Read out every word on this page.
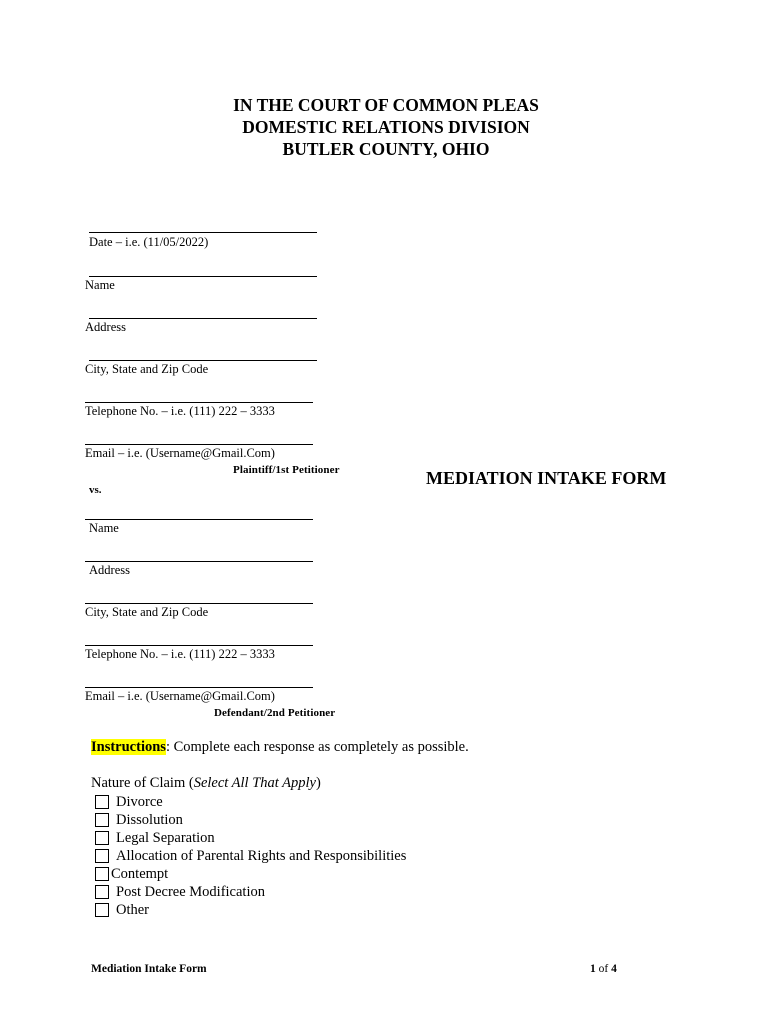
IN THE COURT OF COMMON PLEAS
DOMESTIC RELATIONS DIVISION
BUTLER COUNTY, OHIO
Date – i.e. (11/05/2022)
Name
Address
City, State and Zip Code
Telephone No. – i.e. (111) 222 – 3333
Email – i.e. (Username@Gmail.Com)
Plaintiff/1st Petitioner
vs.
MEDIATION INTAKE FORM
Name
Address
City, State and Zip Code
Telephone No. – i.e. (111) 222 – 3333
Email – i.e. (Username@Gmail.Com)
Defendant/2nd Petitioner
Instructions: Complete each response as completely as possible.
Nature of Claim (Select All That Apply)
Divorce
Dissolution
Legal Separation
Allocation of Parental Rights and Responsibilities
Contempt
Post Decree Modification
Other
Mediation Intake Form	1 of 4
